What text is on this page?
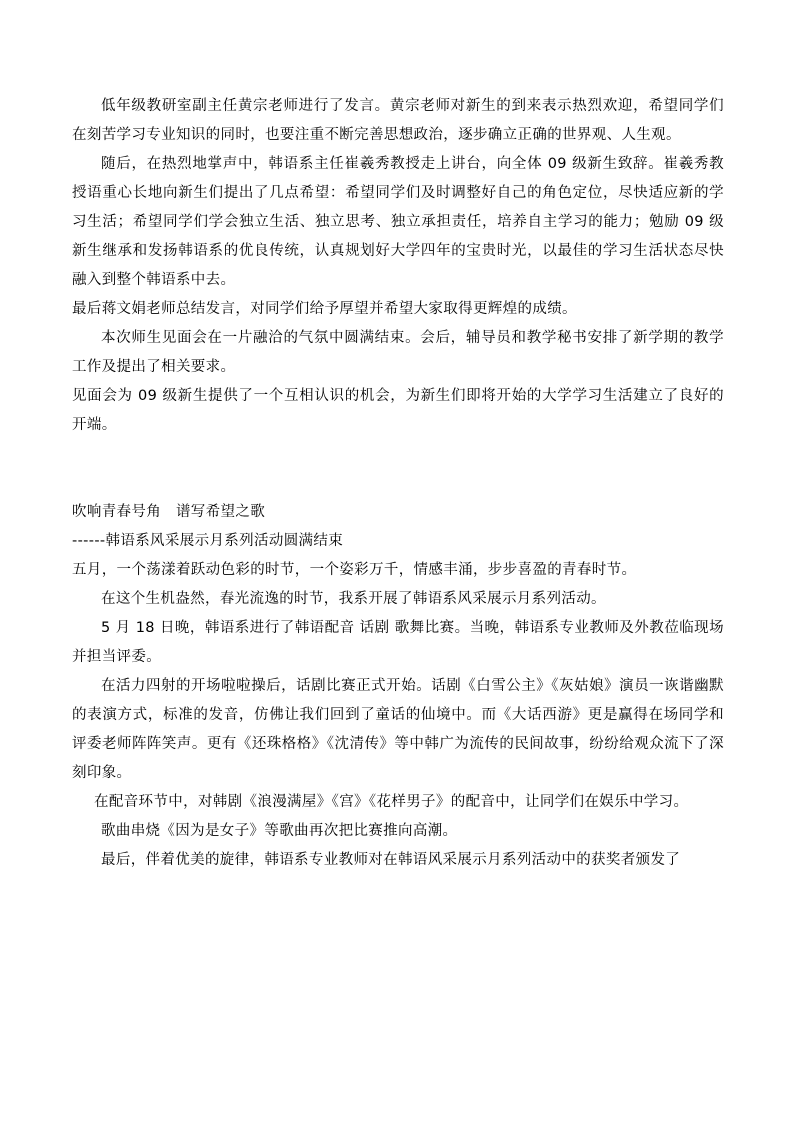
低年级教研室副主任黄宗老师进行了发言。黄宗老师对新生的到来表示热烈欢迎，希望同学们在刻苦学习专业知识的同时，也要注重不断完善思想政治，逐步确立正确的世界观、人生观。

随后，在热烈地掌声中，韩语系主任崔羲秀教授走上讲台，向全体 09 级新生致辞。崔羲秀教授语重心长地向新生们提出了几点希望：希望同学们及时调整好自己的角色定位，尽快适应新的学习生活；希望同学们学会独立生活、独立思考、独立承担责任，培养自主学习的能力；勉励 09 级新生继承和发扬韩语系的优良传统，认真规划好大学四年的宝贵时光，以最佳的学习生活状态尽快融入到整个韩语系中去。

最后蒋文娟老师总结发言，对同学们给予厚望并希望大家取得更辉煌的成绩。

本次师生见面会在一片融洽的气氛中圆满结束。会后，辅导员和教学秘书安排了新学期的教学工作及提出了相关要求。

见面会为 09 级新生提供了一个互相认识的机会，为新生们即将开始的大学学习生活建立了良好的开端。

吹响青春号角　谱写希望之歌

------韩语系风采展示月系列活动圆满结束

五月，一个荡漾着跃动色彩的时节，一个姿彩万千，情感丰涌，步步喜盈的青春时节。

在这个生机盎然，春光流逸的时节，我系开展了韩语系风采展示月系列活动。

5 月 18 日晚，韩语系进行了韩语配音 话剧 歌舞比赛。当晚，韩语系专业教师及外教莅临现场并担当评委。

在活力四射的开场啦啦操后，话剧比赛正式开始。话剧《白雪公主》《灰姑娘》演员一诙谐幽默的表演方式，标准的发音，仿佛让我们回到了童话的仙境中。而《大话西游》更是赢得在场同学和评委老师阵阵笑声。更有《还珠格格》《沈清传》等中韩广为流传的民间故事，纷纷给观众流下了深刻印象。

在配音环节中，对韩剧《浪漫满屋》《宫》《花样男子》的配音中，让同学们在娱乐中学习。

歌曲串烧《因为是女子》等歌曲再次把比赛推向高潮。

最后，伴着优美的旋律，韩语系专业教师对在韩语风采展示月系列活动中的获奖者颁发了
